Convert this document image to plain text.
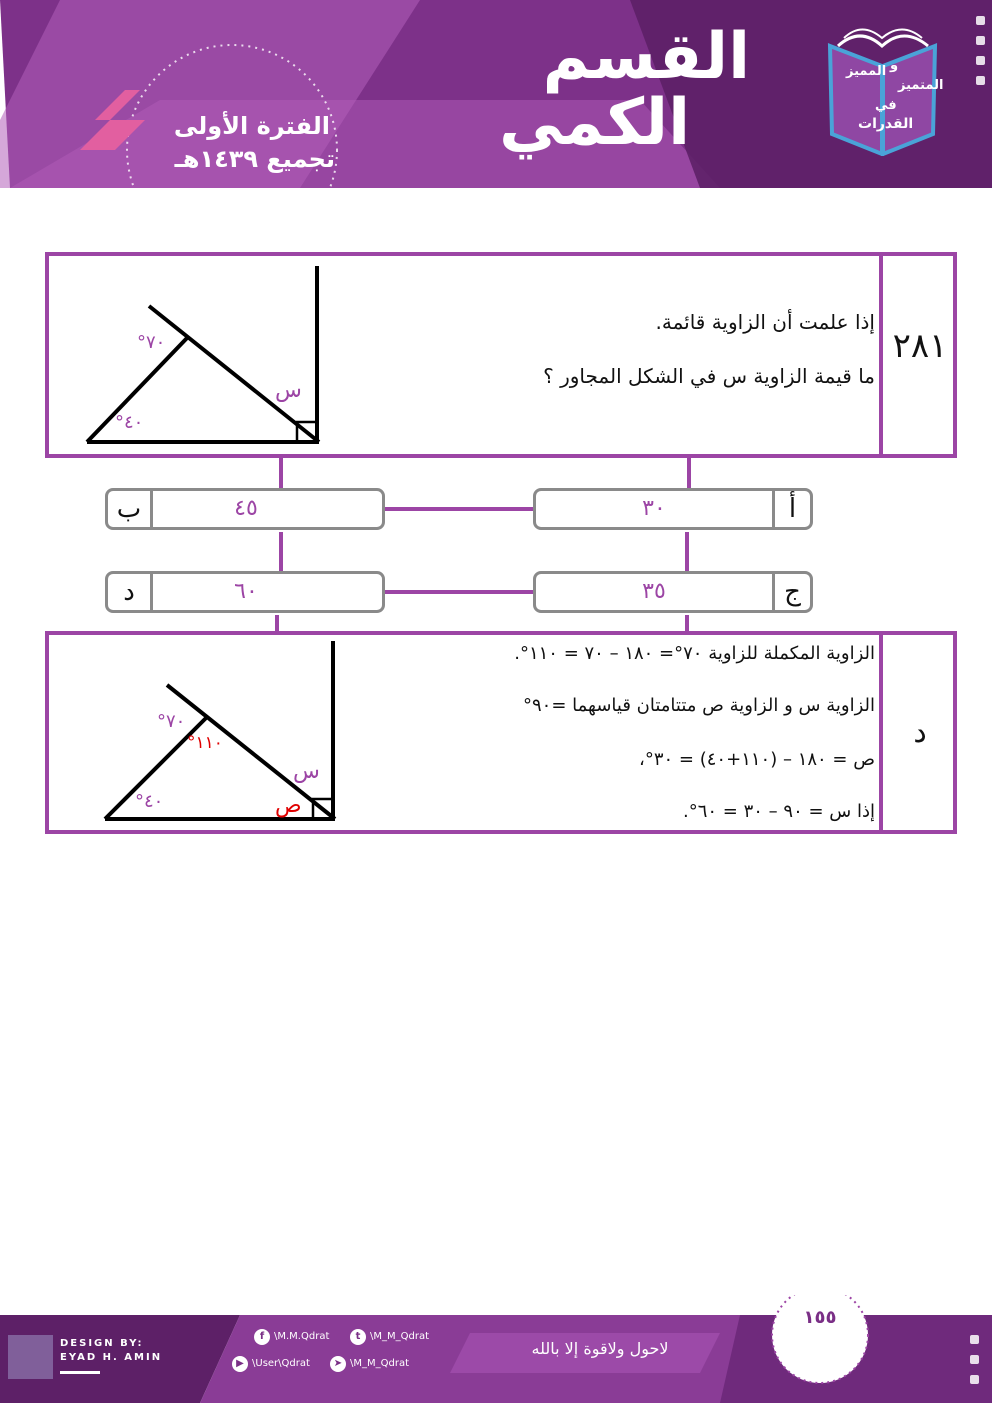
القسم
الكمي
الفترة الأولى
تجميع ١٤٣٩هـ
المميز و
المتميز
في
القدرات
٢٨١
إذا علمت أن الزاوية قائمة.
ما قيمة الزاوية س في الشكل المجاور ؟
٧٠°
٤٠°
س
٣٠	أ
ب	٤٥
٣٥	ج
د	٦٠
د
الزاوية المكملة للزاوية ٧٠°= ١٨٠ – ٧٠ = ١١٠°.
الزاوية س و الزاوية ص متتامتان قياسهما =٩٠°
ص = ١٨٠ – (١١٠+٤٠) = ٣٠°،
إذا س = ٩٠ – ٣٠ = ٦٠°.
٧٠°
١١٠°
٤٠°
س
ص
DESIGN BY:
EYAD H. AMIN
f \M.M.Qdrat	t \M_M_Qdrat
▶ \User\Qdrat	➤ \M_M_Qdrat
لاحول ولاقوة إلا بالله
١٥٥
